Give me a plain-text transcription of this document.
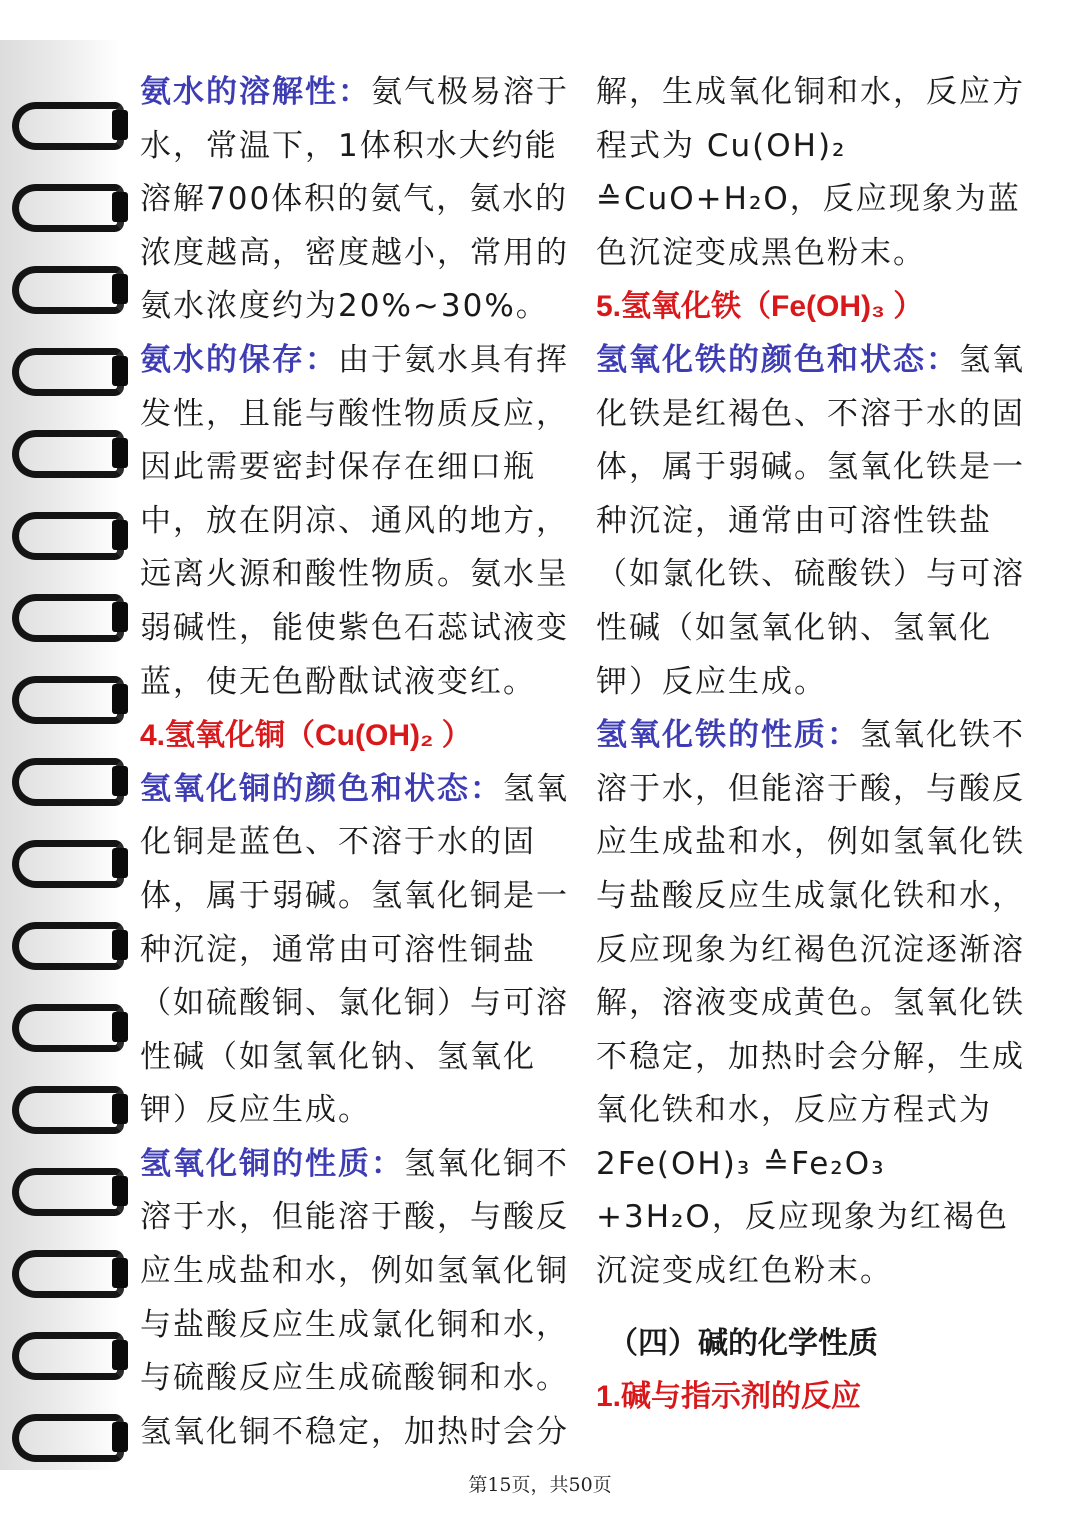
氨水的溶解性：氨气极易溶于水，常温下，1体积水大约能溶解700体积的氨气，氨水的浓度越高，密度越小，常用的氨水浓度约为20%~30%。

氨水的保存：由于氨水具有挥发性，且能与酸性物质反应，因此需要密封保存在细口瓶中，放在阴凉、通风的地方，远离火源和酸性物质。氨水呈弱碱性，能使紫色石蕊试液变蓝，使无色酚酞试液变红。

4.氢氧化铜（Cu(OH)₂ ）

氢氧化铜的颜色和状态：氢氧化铜是蓝色、不溶于水的固体，属于弱碱。氢氧化铜是一种沉淀，通常由可溶性铜盐（如硫酸铜、氯化铜）与可溶性碱（如氢氧化钠、氢氧化钾）反应生成。

氢氧化铜的性质：氢氧化铜不溶于水，但能溶于酸，与酸反应生成盐和水，例如氢氧化铜与盐酸反应生成氯化铜和水，与硫酸反应生成硫酸铜和水。氢氧化铜不稳定，加热时会分

解，生成氧化铜和水，反应方程式为 Cu(OH)₂ ≙CuO+H₂O，反应现象为蓝色沉淀变成黑色粉末。

5.氢氧化铁（Fe(OH)₃ ）

氢氧化铁的颜色和状态：氢氧化铁是红褐色、不溶于水的固体，属于弱碱。氢氧化铁是一种沉淀，通常由可溶性铁盐（如氯化铁、硫酸铁）与可溶性碱（如氢氧化钠、氢氧化钾）反应生成。

氢氧化铁的性质：氢氧化铁不溶于水，但能溶于酸，与酸反应生成盐和水，例如氢氧化铁与盐酸反应生成氯化铁和水，反应现象为红褐色沉淀逐渐溶解，溶液变成黄色。氢氧化铁不稳定，加热时会分解，生成氧化铁和水，反应方程式为 2Fe(OH)₃ ≙Fe₂O₃ +3H₂O，反应现象为红褐色沉淀变成红色粉末。

（四）碱的化学性质

1.碱与指示剂的反应

第15页，共50页
